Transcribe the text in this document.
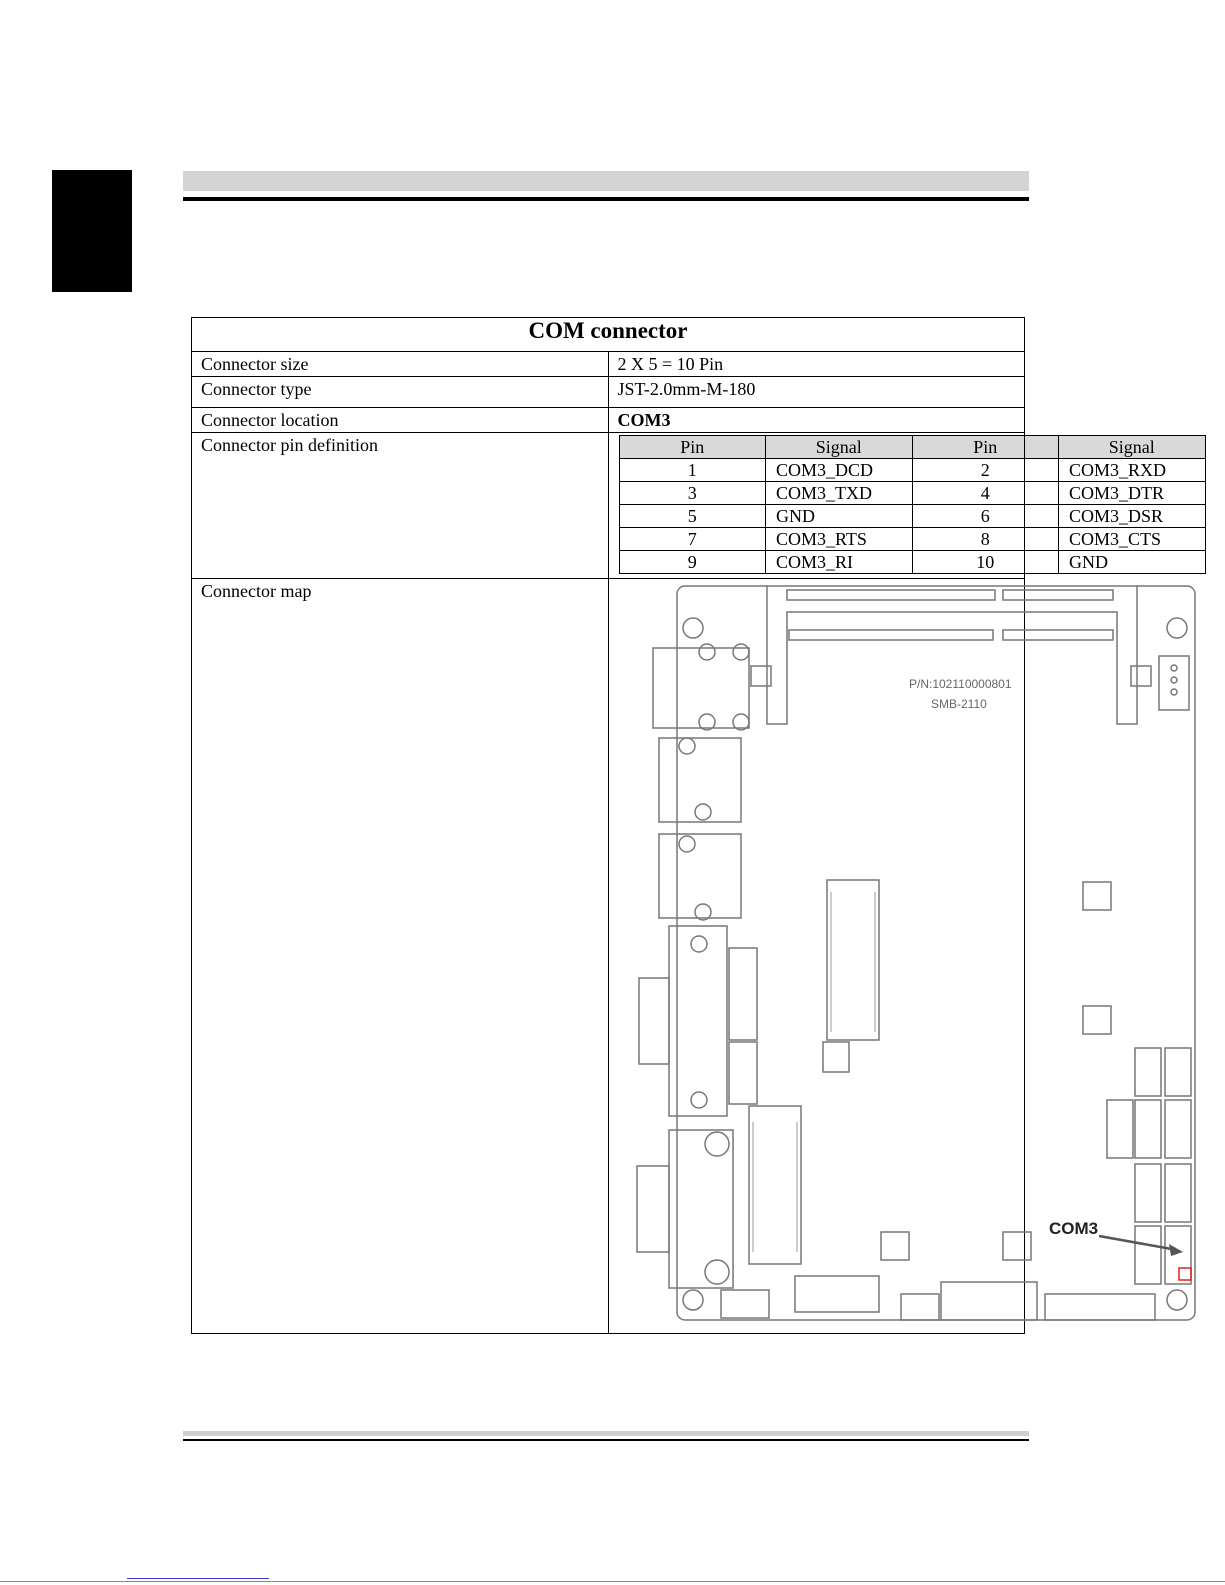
COM connector
Connector size	2 X 5 = 10 Pin
Connector type	JST-2.0mm-M-180
Connector location	COM3
Connector pin definition		Pin	Signal	Pin	Signal
1	COM3_DCD	2	COM3_RXD
3	COM3_TXD	4	COM3_DTR
5	GND	6	COM3_DSR
7	COM3_RTS	8	COM3_CTS
9	COM3_RI	10	GND

Connector map	
P/N:102110000801
SMB-2110
COM3
